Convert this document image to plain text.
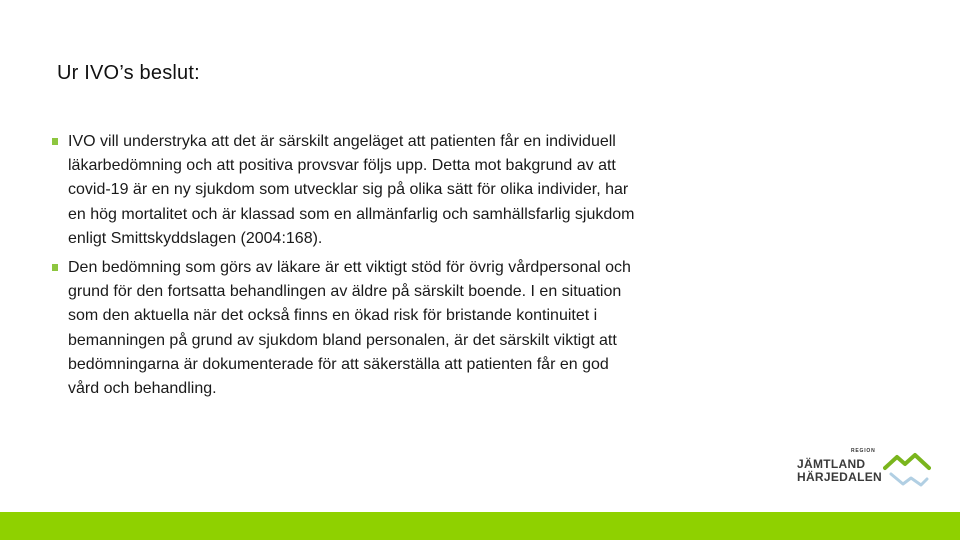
Ur IVO’s beslut:
IVO vill understryka att det är särskilt angeläget att patienten får en individuell läkarbedömning och att positiva provsvar följs upp. Detta mot bakgrund av att covid-19 är en ny sjukdom som utvecklar sig på olika sätt för olika individer, har en hög mortalitet och är klassad som en allmänfarlig och samhällsfarlig sjukdom enligt Smittskyddslagen (2004:168).
Den bedömning som görs av läkare är ett viktigt stöd för övrig vårdpersonal och grund för den fortsatta behandlingen av äldre på särskilt boende. I en situation som den aktuella när det också finns en ökad risk för bristande kontinuitet i bemanningen på grund av sjukdom bland personalen, är det särskilt viktigt att bedömningarna är dokumenterade för att säkerställa att patienten får en god vård och behandling.
REGION
JÄMTLAND
HÄRJEDALEN
